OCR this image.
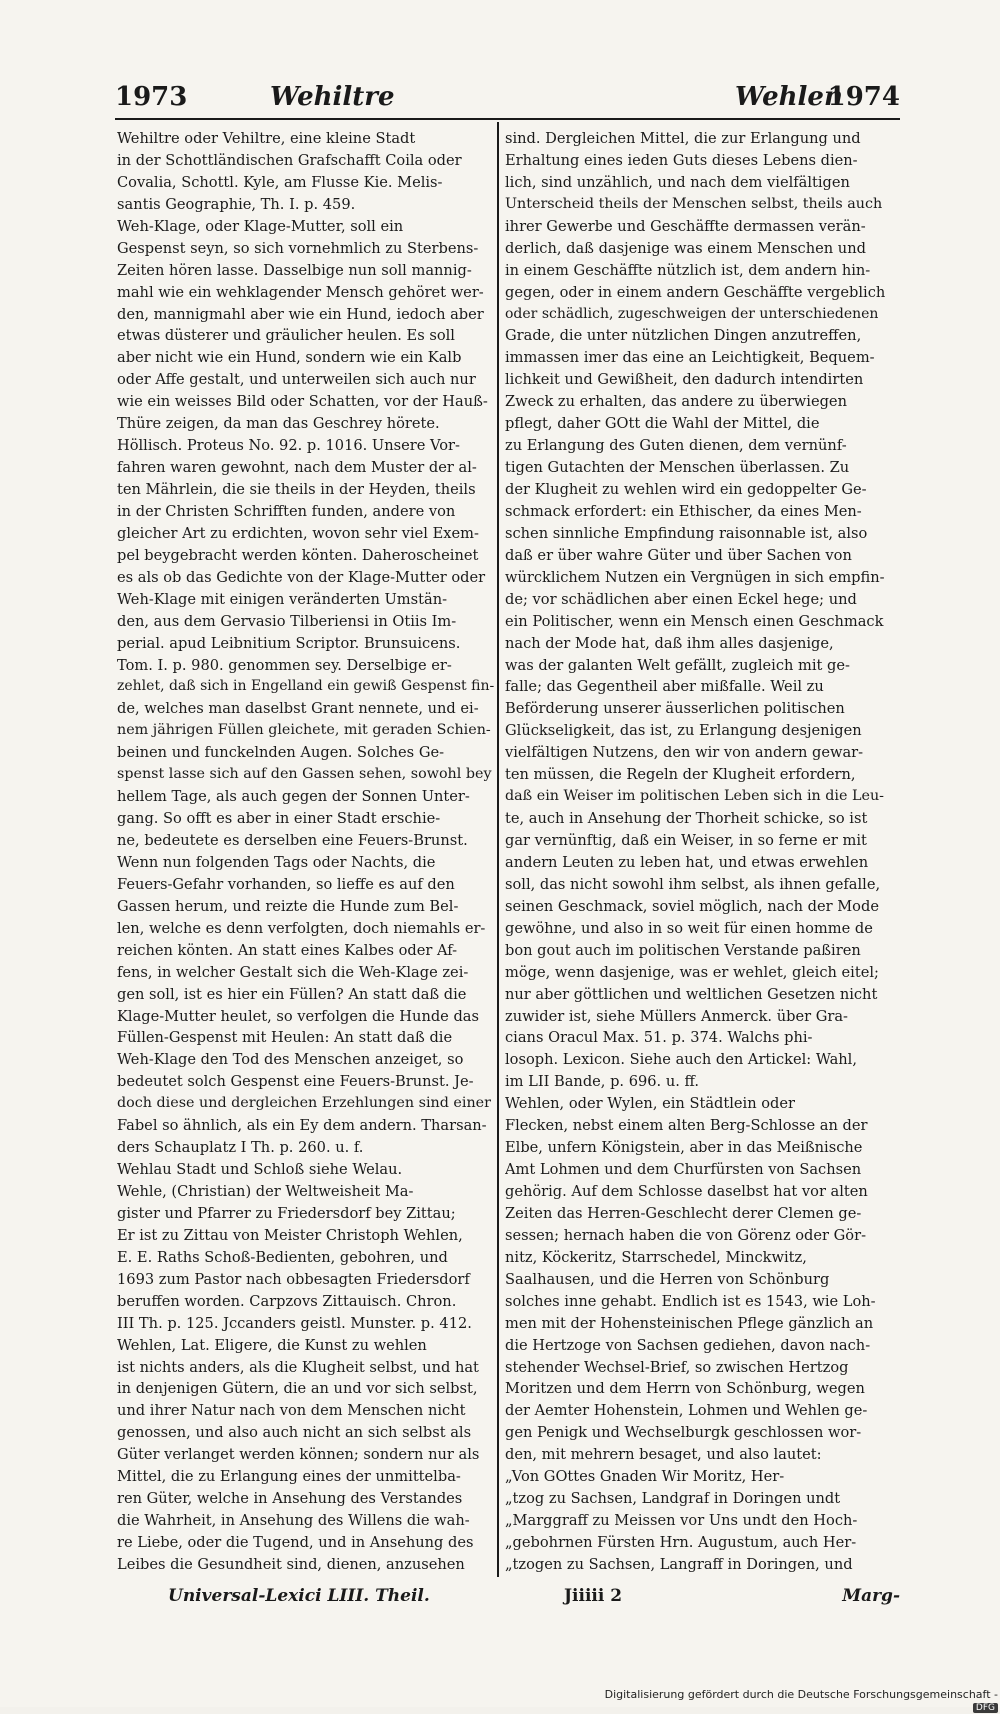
1973	Wehiltre	Wehlen
1974
Wehiltre oder Vehiltre, eine kleine Stadt
in der Schottländischen Grafschafft Coila oder
Covalia, Schottl. Kyle, am Flusse Kie. Melis-
santis Geographie, Th. I. p. 459.
Weh-Klage, oder Klage-Mutter, soll ein
Gespenst seyn, so sich vornehmlich zu Sterbens-
Zeiten hören lasse. Dasselbige nun soll mannig-
mahl wie ein wehklagender Mensch gehöret wer-
den, mannigmahl aber wie ein Hund, iedoch aber
etwas düsterer und gräulicher heulen. Es soll
aber nicht wie ein Hund, sondern wie ein Kalb
oder Affe gestalt, und unterweilen sich auch nur
wie ein weisses Bild oder Schatten, vor der Hauß-
Thüre zeigen, da man das Geschrey hörete.
Höllisch. Proteus No. 92. p. 1016. Unsere Vor-
fahren waren gewohnt, nach dem Muster der al-
ten Mährlein, die sie theils in der Heyden, theils
in der Christen Schrifften funden, andere von
gleicher Art zu erdichten, wovon sehr viel Exem-
pel beygebracht werden könten. Daheroscheinet
es als ob das Gedichte von der Klage-Mutter oder
Weh-Klage mit einigen veränderten Umstän-
den, aus dem Gervasio Tilberiensi in Otiis Im-
perial. apud Leibnitium Scriptor. Brunsuicens.
Tom. I. p. 980. genommen sey. Derselbige er-
zehlet, daß sich in Engelland ein gewiß Gespenst fin-
de, welches man daselbst Grant nennete, und ei-
nem jährigen Füllen gleichete, mit geraden Schien-
beinen und funckelnden Augen. Solches Ge-
spenst lasse sich auf den Gassen sehen, sowohl bey
hellem Tage, als auch gegen der Sonnen Unter-
gang. So offt es aber in einer Stadt erschie-
ne, bedeutete es derselben eine Feuers-Brunst.
Wenn nun folgenden Tags oder Nachts, die
Feuers-Gefahr vorhanden, so lieffe es auf den
Gassen herum, und reizte die Hunde zum Bel-
len, welche es denn verfolgten, doch niemahls er-
reichen könten. An statt eines Kalbes oder Af-
fens, in welcher Gestalt sich die Weh-Klage zei-
gen soll, ist es hier ein Füllen? An statt daß die
Klage-Mutter heulet, so verfolgen die Hunde das
Füllen-Gespenst mit Heulen: An statt daß die
Weh-Klage den Tod des Menschen anzeiget, so
bedeutet solch Gespenst eine Feuers-Brunst. Je-
doch diese und dergleichen Erzehlungen sind einer
Fabel so ähnlich, als ein Ey dem andern. Tharsan-
ders Schauplatz I Th. p. 260. u. f.
Wehlau Stadt und Schloß siehe Welau.
Wehle, (Christian) der Weltweisheit Ma-
gister und Pfarrer zu Friedersdorf bey Zittau;
Er ist zu Zittau von Meister Christoph Wehlen,
E. E. Raths Schoß-Bedienten, gebohren, und
1693 zum Pastor nach obbesagten Friedersdorf
beruffen worden. Carpzovs Zittauisch. Chron.
III Th. p. 125. Jccanders geistl. Munster. p. 412.
Wehlen, Lat. Eligere, die Kunst zu wehlen
ist nichts anders, als die Klugheit selbst, und hat
in denjenigen Gütern, die an und vor sich selbst,
und ihrer Natur nach von dem Menschen nicht
genossen, und also auch nicht an sich selbst als
Güter verlanget werden können; sondern nur als
Mittel, die zu Erlangung eines der unmittelba-
ren Güter, welche in Ansehung des Verstandes
die Wahrheit, in Ansehung des Willens die wah-
re Liebe, oder die Tugend, und in Ansehung des
Leibes die Gesundheit sind, dienen, anzusehen
sind. Dergleichen Mittel, die zur Erlangung und
Erhaltung eines ieden Guts dieses Lebens dien-
lich, sind unzählich, und nach dem vielfältigen
Unterscheid theils der Menschen selbst, theils auch
ihrer Gewerbe und Geschäffte dermassen verän-
derlich, daß dasjenige was einem Menschen und
in einem Geschäffte nützlich ist, dem andern hin-
gegen, oder in einem andern Geschäffte vergeblich
oder schädlich, zugeschweigen der unterschiedenen
Grade, die unter nützlichen Dingen anzutreffen,
immassen imer das eine an Leichtigkeit, Bequem-
lichkeit und Gewißheit, den dadurch intendirten
Zweck zu erhalten, das andere zu überwiegen
pflegt, daher GOtt die Wahl der Mittel, die
zu Erlangung des Guten dienen, dem vernünf-
tigen Gutachten der Menschen überlassen. Zu
der Klugheit zu wehlen wird ein gedoppelter Ge-
schmack erfordert: ein Ethischer, da eines Men-
schen sinnliche Empfindung raisonnable ist, also
daß er über wahre Güter und über Sachen von
würcklichem Nutzen ein Vergnügen in sich empfin-
de; vor schädlichen aber einen Eckel hege; und
ein Politischer, wenn ein Mensch einen Geschmack
nach der Mode hat, daß ihm alles dasjenige,
was der galanten Welt gefällt, zugleich mit ge-
falle; das Gegentheil aber mißfalle. Weil zu
Beförderung unserer äusserlichen politischen
Glückseligkeit, das ist, zu Erlangung desjenigen
vielfältigen Nutzens, den wir von andern gewar-
ten müssen, die Regeln der Klugheit erfordern,
daß ein Weiser im politischen Leben sich in die Leu-
te, auch in Ansehung der Thorheit schicke, so ist
gar vernünftig, daß ein Weiser, in so ferne er mit
andern Leuten zu leben hat, und etwas erwehlen
soll, das nicht sowohl ihm selbst, als ihnen gefalle,
seinen Geschmack, soviel möglich, nach der Mode
gewöhne, und also in so weit für einen homme de
bon gout auch im politischen Verstande paßiren
möge, wenn dasjenige, was er wehlet, gleich eitel;
nur aber göttlichen und weltlichen Gesetzen nicht
zuwider ist, siehe Müllers Anmerck. über Gra-
cians Oracul Max. 51. p. 374. Walchs phi-
losoph. Lexicon. Siehe auch den Artickel: Wahl,
im LII Bande, p. 696. u. ff.
Wehlen, oder Wylen, ein Städtlein oder
Flecken, nebst einem alten Berg-Schlosse an der
Elbe, unfern Königstein, aber in das Meißnische
Amt Lohmen und dem Churfürsten von Sachsen
gehörig. Auf dem Schlosse daselbst hat vor alten
Zeiten das Herren-Geschlecht derer Clemen ge-
sessen; hernach haben die von Görenz oder Gör-
nitz, Köckeritz, Starrschedel, Minckwitz,
Saalhausen, und die Herren von Schönburg
solches inne gehabt. Endlich ist es 1543, wie Loh-
men mit der Hohensteinischen Pflege gänzlich an
die Hertzoge von Sachsen gediehen, davon nach-
stehender Wechsel-Brief, so zwischen Hertzog
Moritzen und dem Herrn von Schönburg, wegen
der Aemter Hohenstein, Lohmen und Wehlen ge-
gen Penigk und Wechselburgk geschlossen wor-
den, mit mehrern besaget, und also lautet:
„Von GOttes Gnaden Wir Moritz, Her-
„tzog zu Sachsen, Landgraf in Doringen undt
„Marggraff zu Meissen vor Uns undt den Hoch-
„gebohrnen Fürsten Hrn. Augustum, auch Her-
„tzogen zu Sachsen, Langraff in Doringen, und
Universal-Lexici LIII. Theil.	Jiiiii 2	Marg-
Digitalisierung gefördert durch die Deutsche Forschungsgemeinschaft - DFG
